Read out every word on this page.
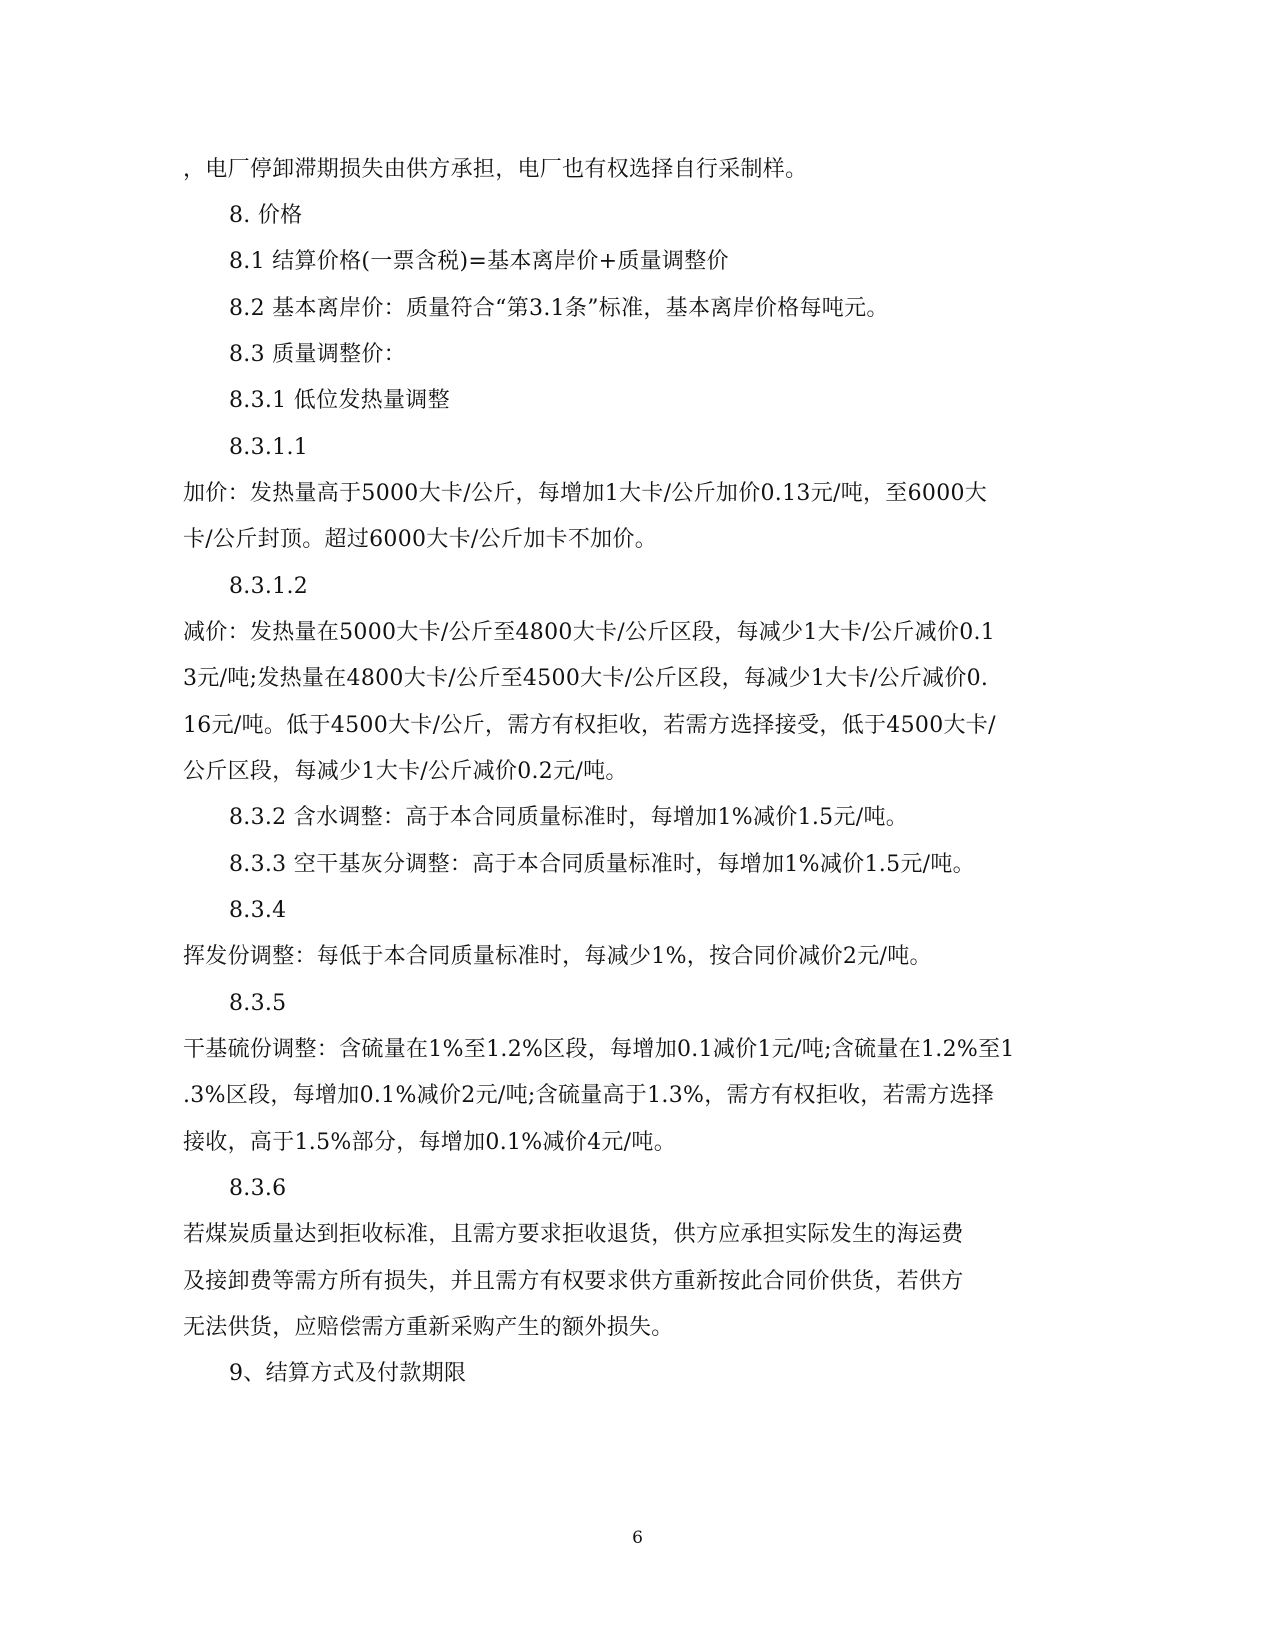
，电厂停卸滞期损失由供方承担，电厂也有权选择自行采制样。
8. 价格
8.1 结算价格(一票含税)=基本离岸价+质量调整价
8.2 基本离岸价：质量符合“第3.1条”标准，基本离岸价格每吨元。
8.3 质量调整价：
8.3.1 低位发热量调整
8.3.1.1
加价：发热量高于5000大卡/公斤，每增加1大卡/公斤加价0.13元/吨，至6000大
卡/公斤封顶。超过6000大卡/公斤加卡不加价。
8.3.1.2
减价：发热量在5000大卡/公斤至4800大卡/公斤区段，每减少1大卡/公斤减价0.1
3元/吨;发热量在4800大卡/公斤至4500大卡/公斤区段，每减少1大卡/公斤减价0.
16元/吨。低于4500大卡/公斤，需方有权拒收，若需方选择接受，低于4500大卡/
公斤区段，每减少1大卡/公斤减价0.2元/吨。
8.3.2 含水调整：高于本合同质量标准时，每增加1%减价1.5元/吨。
8.3.3 空干基灰分调整：高于本合同质量标准时，每增加1%减价1.5元/吨。
8.3.4
挥发份调整：每低于本合同质量标准时，每减少1%，按合同价减价2元/吨。
8.3.5
干基硫份调整：含硫量在1%至1.2%区段，每增加0.1减价1元/吨;含硫量在1.2%至1
.3%区段，每增加0.1%减价2元/吨;含硫量高于1.3%，需方有权拒收，若需方选择
接收，高于1.5%部分，每增加0.1%减价4元/吨。
8.3.6
若煤炭质量达到拒收标准，且需方要求拒收退货，供方应承担实际发生的海运费
及接卸费等需方所有损失，并且需方有权要求供方重新按此合同价供货，若供方
无法供货，应赔偿需方重新采购产生的额外损失。
9、结算方式及付款期限
6
